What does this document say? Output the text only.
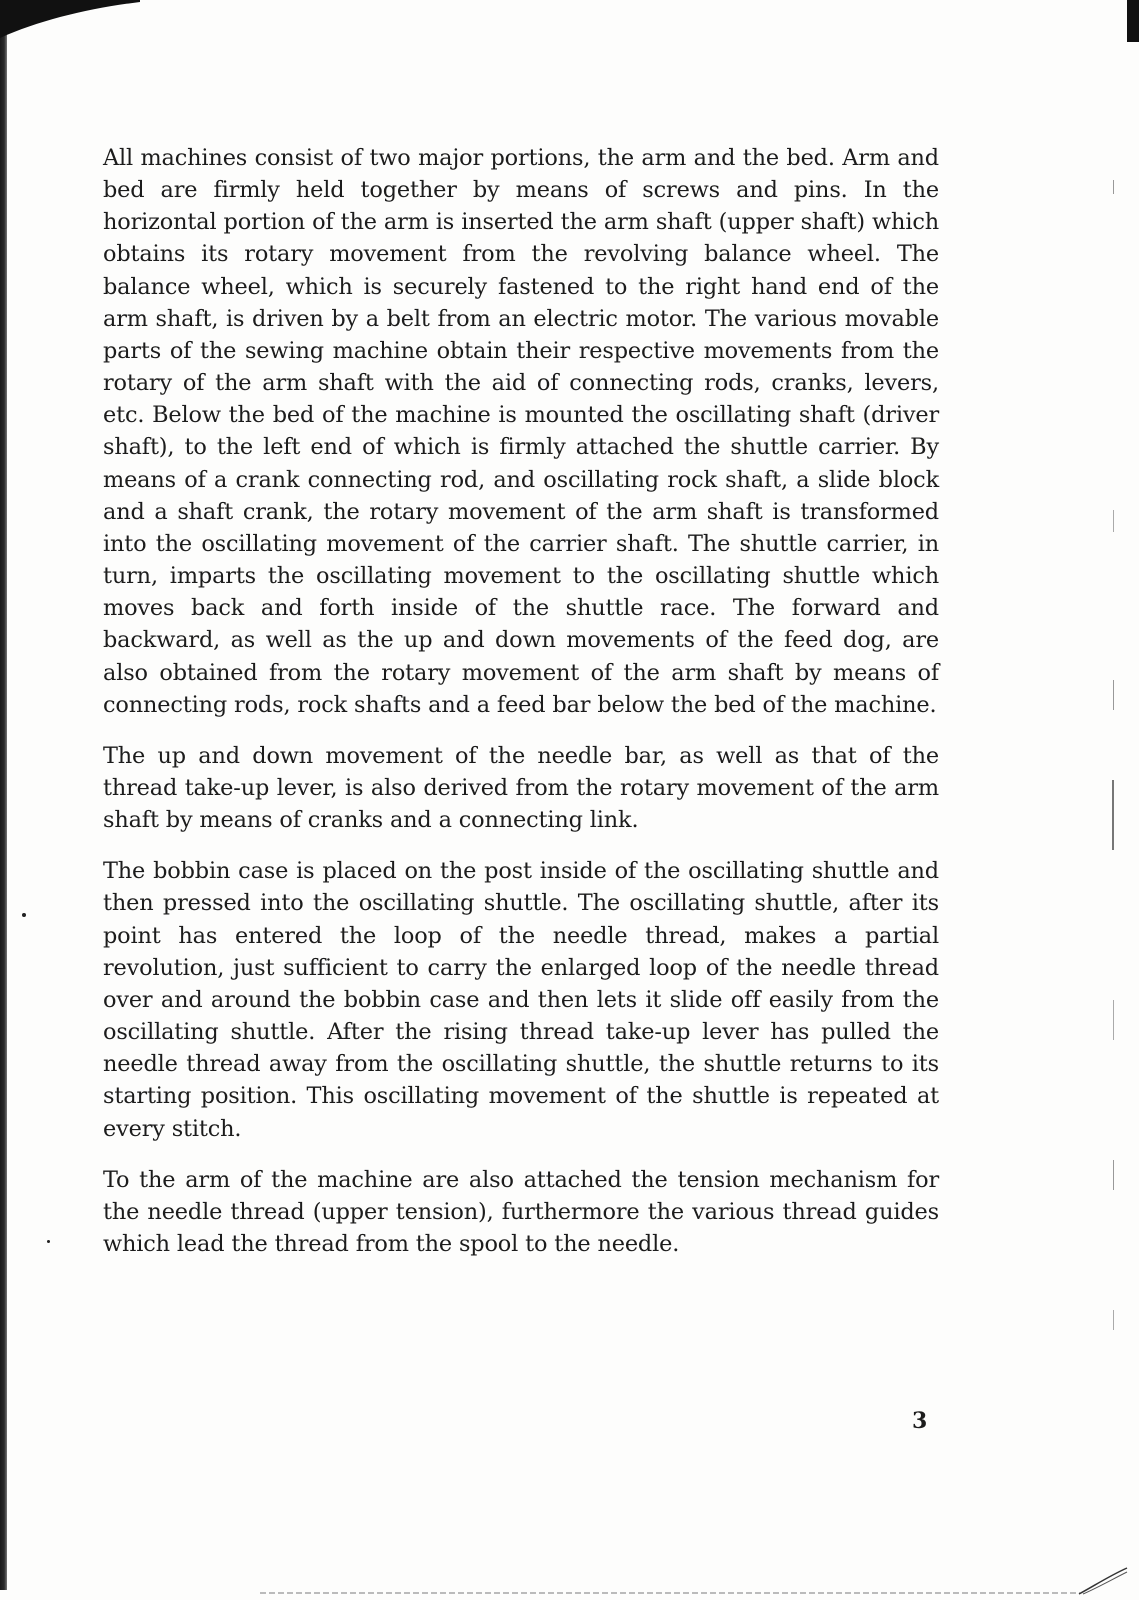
All machines consist of two major portions, the arm and the bed. Arm and bed are firmly held together by means of screws and pins. In the horizontal portion of the arm is inserted the arm shaft (upper shaft) which obtains its rotary movement from the revolving balance wheel. The balance wheel, which is securely fastened to the right hand end of the arm shaft, is driven by a belt from an electric motor. The various movable parts of the sewing machine obtain their respective movements from the rotary of the arm shaft with the aid of connecting rods, cranks, levers, etc. Below the bed of the machine is mounted the oscillating shaft (driver shaft), to the left end of which is firmly attached the shuttle carrier. By means of a crank connecting rod, and oscillating rock shaft, a slide block and a shaft crank, the rotary movement of the arm shaft is transformed into the oscillating movement of the carrier shaft. The shuttle carrier, in turn, imparts the oscillating movement to the oscillating shuttle which moves back and forth inside of the shuttle race. The forward and backward, as well as the up and down movements of the feed dog, are also obtained from the rotary movement of the arm shaft by means of connecting rods, rock shafts and a feed bar below the bed of the machine.

The up and down movement of the needle bar, as well as that of the thread take-up lever, is also derived from the rotary movement of the arm shaft by means of cranks and a connecting link.

The bobbin case is placed on the post inside of the oscillating shuttle and then pressed into the oscillating shuttle. The oscillating shuttle, after its point has entered the loop of the needle thread, makes a partial revolution, just sufficient to carry the enlarged loop of the needle thread over and around the bobbin case and then lets it slide off easily from the oscillating shuttle. After the rising thread take-up lever has pulled the needle thread away from the oscillating shuttle, the shuttle returns to its starting position. This oscillating movement of the shuttle is repeated at every stitch.

To the arm of the machine are also attached the tension mechanism for the needle thread (upper tension), furthermore the various thread guides which lead the thread from the spool to the needle.

3
